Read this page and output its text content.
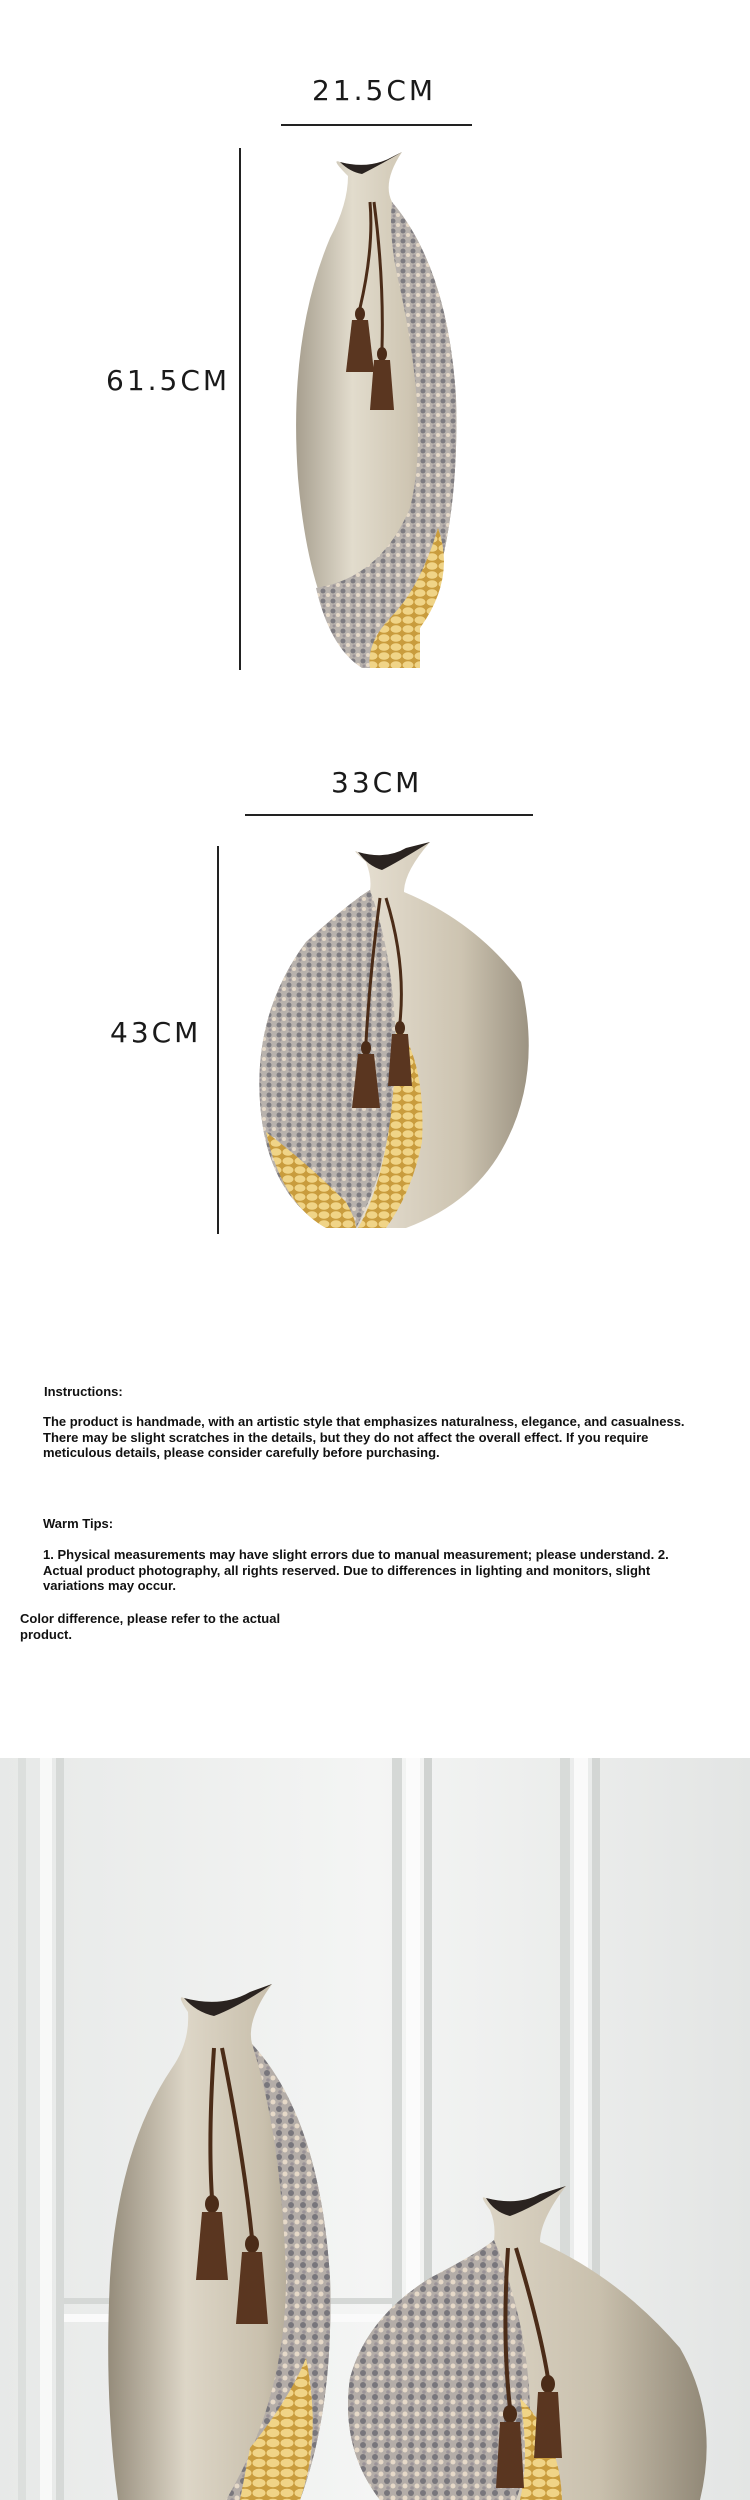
21.5CM
61.5CM
33CM
43CM
Instructions:
The product is handmade, with an artistic style that emphasizes naturalness, elegance, and casualness. There may be slight scratches in the details, but they do not affect the overall effect. If you require meticulous details, please consider carefully before purchasing.
Warm Tips:
1. Physical measurements may have slight errors due to manual measurement; please understand. 2. Actual product photography, all rights reserved. Due to differences in lighting and monitors, slight variations may occur.
Color difference, please refer to the actual product.
